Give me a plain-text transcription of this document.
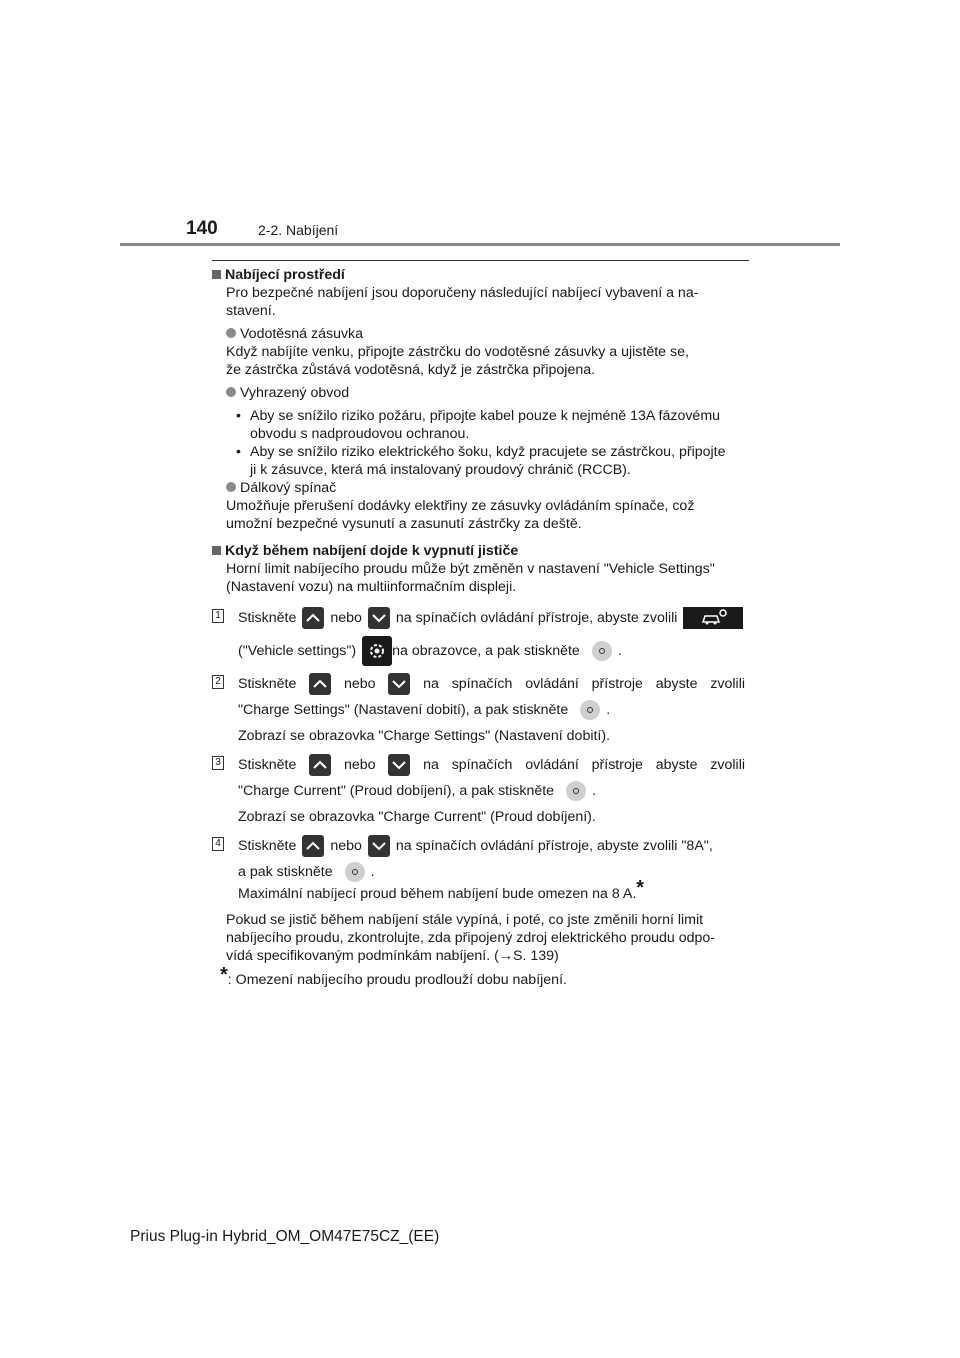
140	2-2. Nabíjení
Nabíjecí prostředí
Pro bezpečné nabíjení jsou doporučeny následující nabíjecí vybavení a na-
stavení.
Vodotěsná zásuvka
Když nabíjíte venku, připojte zástrčku do vodotěsné zásuvky a ujistěte se,
že zástrčka zůstává vodotěsná, když je zástrčka připojena.
Vyhrazený obvod
• Aby se snížilo riziko požáru, připojte kabel pouze k nejméně 13A fázovému
obvodu s nadproudovou ochranou.
• Aby se snížilo riziko elektrického šoku, když pracujete se zástrčkou, připojte
ji k zásuvce, která má instalovaný proudový chránič (RCCB).
Dálkový spínač
Umožňuje přerušení dodávky elektřiny ze zásuvky ovládáním spínače, což
umožní bezpečné vysunutí a zasunutí zástrčky za deště.
Když během nabíjení dojde k vypnutí jističe
Horní limit nabíjecího proudu může být změněn v nastavení "Vehicle Settings"
(Nastavení vozu) na multiinformačním displeji.
1 Stiskněte nebo na spínačích ovládání přístroje, abyste zvolili
("Vehicle settings")	na obrazovce, a pak stiskněte	.
2 Stiskněte	nebo	na spínačích ovládání přístroje abyste zvolili
"Charge Settings" (Nastavení dobití), a pak stiskněte	.
Zobrazí se obrazovka "Charge Settings" (Nastavení dobití).
3 Stiskněte	nebo	na spínačích ovládání přístroje abyste zvolili
"Charge Current" (Proud dobíjení), a pak stiskněte	.
Zobrazí se obrazovka "Charge Current" (Proud dobíjení).
4 Stiskněte nebo na spínačích ovládání přístroje, abyste zvolili "8A",
a pak stiskněte	.
Maximální nabíjecí proud během nabíjení bude omezen na 8 A. *
Pokud se jistič během nabíjení stále vypíná, i poté, co jste změnili horní limit
nabíjecího proudu, zkontrolujte, zda připojený zdroj elektrického proudu odpo-
vídá specifikovaným podmínkám nabíjení. (→S. 139)
*: Omezení nabíjecího proudu prodlouží dobu nabíjení.
Prius Plug-in Hybrid_OM_OM47E75CZ_(EE)
